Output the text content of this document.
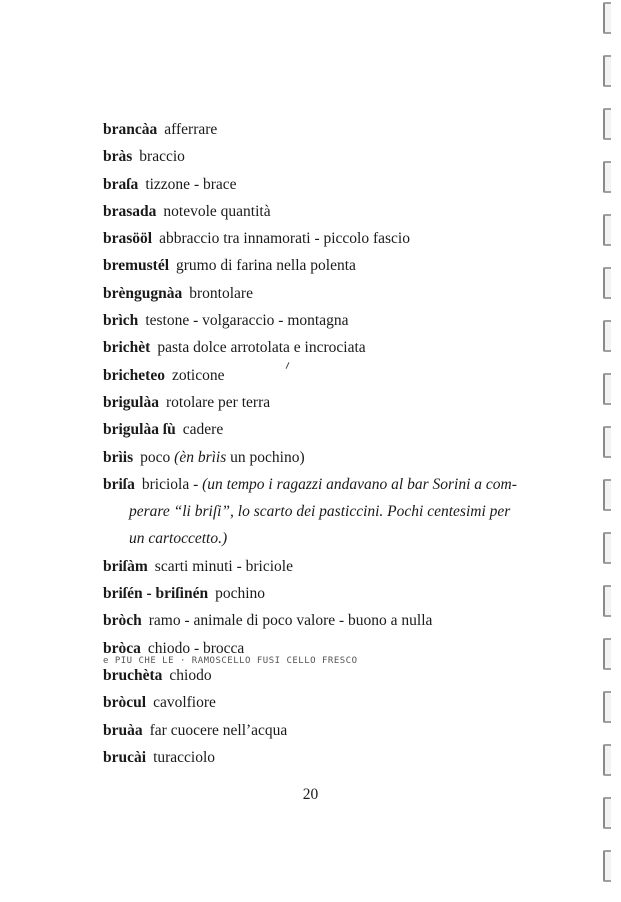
brancàa afferrare
bràs braccio
braſa tizzone - brace
brasada notevole quantità
brasööl abbraccio tra innamorati - piccolo fascio
bremustél grumo di farina nella polenta
brèngugnàa brontolare
brìch testone - volgaraccio - montagna
brichèt pasta dolce arrotolata e incrociata
bricheteo zoticone
brigulàa rotolare per terra
brigulàa ſù cadere
brìis poco (èn brìis un pochino)
briſa briciola - (un tempo i ragazzi andavano al bar Sorini a com-
perare “li briſi”, lo scarto dei pasticcini. Pochi centesimi per
un cartoccetto.)
briſàm scarti minuti - briciole
briſén - briſinén pochino
bròch ramo - animale di poco valore - buono a nulla
bròca chiodo - brocca
e PIU CHE LE · RAMOSCELLO FUSI CELLO FRESCO
bruchèta chiodo
bròcul cavolfiore
bruàa far cuocere nell’acqua
brucài turacciolo
20
